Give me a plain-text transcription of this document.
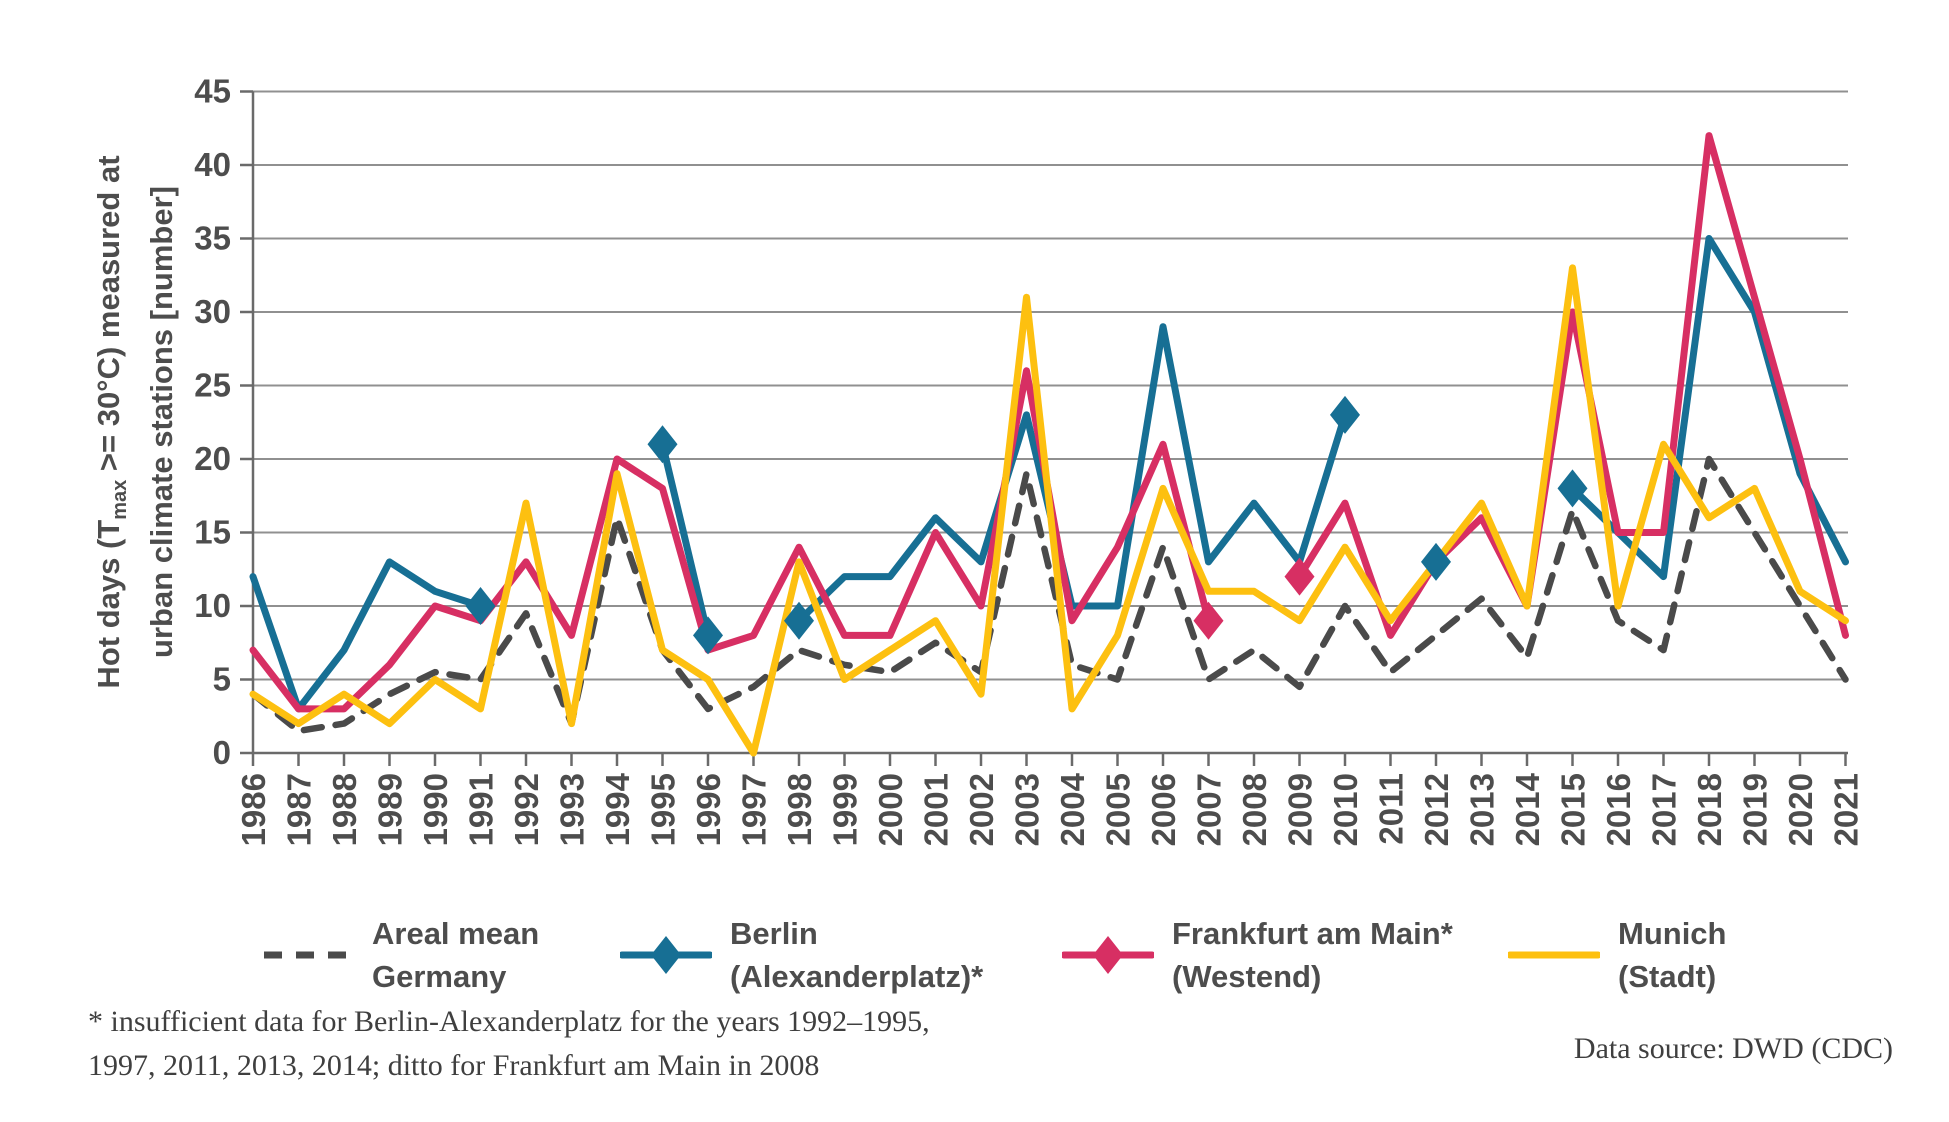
0
5
10
15
20
25
30
35
40
45
1986 1987 1988 1989 1990 1991 1992 1993 1994 1995 1996 1997 1998 1999 2000 2001 2002 2003 2004 2005 2006 2007 2008 2009 2010 2011 2012 2013 2014 2015 2016 2017 2018 2019 2020 2021
Hot days $(T_{max} >= 30^\circ C)$ measured at urban climate stations [number]
Areal mean
Germany
Berlin
(Alexanderplatz)*
Frankfurt am Main*
(Westend)
Munich
(Stadt)
* insufficient data for Berlin-Alexanderplatz for the years 1992–1995,
1997, 2011, 2013, 2014; ditto for Frankfurt am Main in 2008
Data source: DWD (CDC)
